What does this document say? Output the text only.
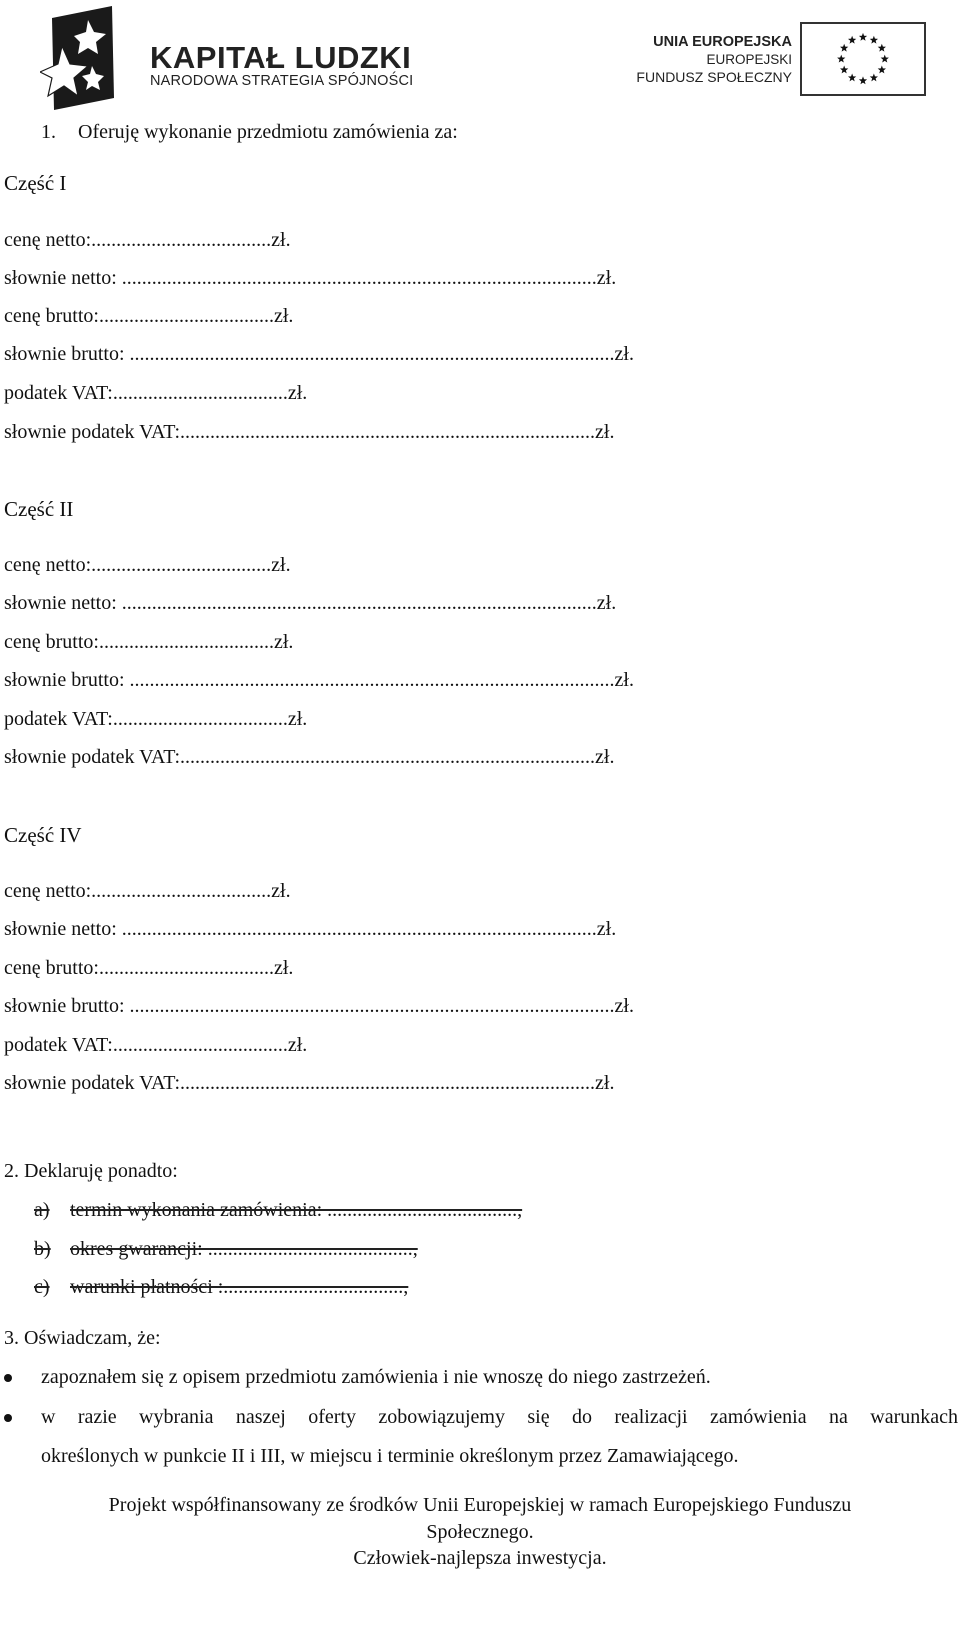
KAPITAŁ LUDZKI
NARODOWA STRATEGIA SPÓJNOŚCI
UNIA EUROPEJSKA
EUROPEJSKI
FUNDUSZ SPOŁECZNY
1. Oferuję wykonanie przedmiotu zamówienia za:
Część I
cenę netto:....................................zł.
słownie netto: ...............................................................................................zł.
cenę brutto:...................................zł.
słownie brutto: .................................................................................................zł.
podatek VAT:...................................zł.
słownie podatek VAT:...................................................................................zł.
Część II
cenę netto:....................................zł.
słownie netto: ...............................................................................................zł.
cenę brutto:...................................zł.
słownie brutto: .................................................................................................zł.
podatek VAT:...................................zł.
słownie podatek VAT:...................................................................................zł.
Część IV
cenę netto:....................................zł.
słownie netto: ...............................................................................................zł.
cenę brutto:...................................zł.
słownie brutto: .................................................................................................zł.
podatek VAT:...................................zł.
słownie podatek VAT:...................................................................................zł.
2. Deklaruję ponadto:
a) termin wykonania zamówienia: ......................................,
b) okres gwarancji: .........................................,
c) warunki płatności :....................................,
3. Oświadczam, że:
zapoznałem się z opisem przedmiotu zamówienia i nie wnoszę do niego zastrzeżeń.
w razie wybrania naszej oferty zobowiązujemy się do realizacji zamówienia na warunkach
określonych w punkcie II i III, w miejscu i terminie określonym przez Zamawiającego.
Projekt współfinansowany ze środków Unii Europejskiej w ramach Europejskiego Funduszu
Społecznego.
Człowiek-najlepsza inwestycja.
